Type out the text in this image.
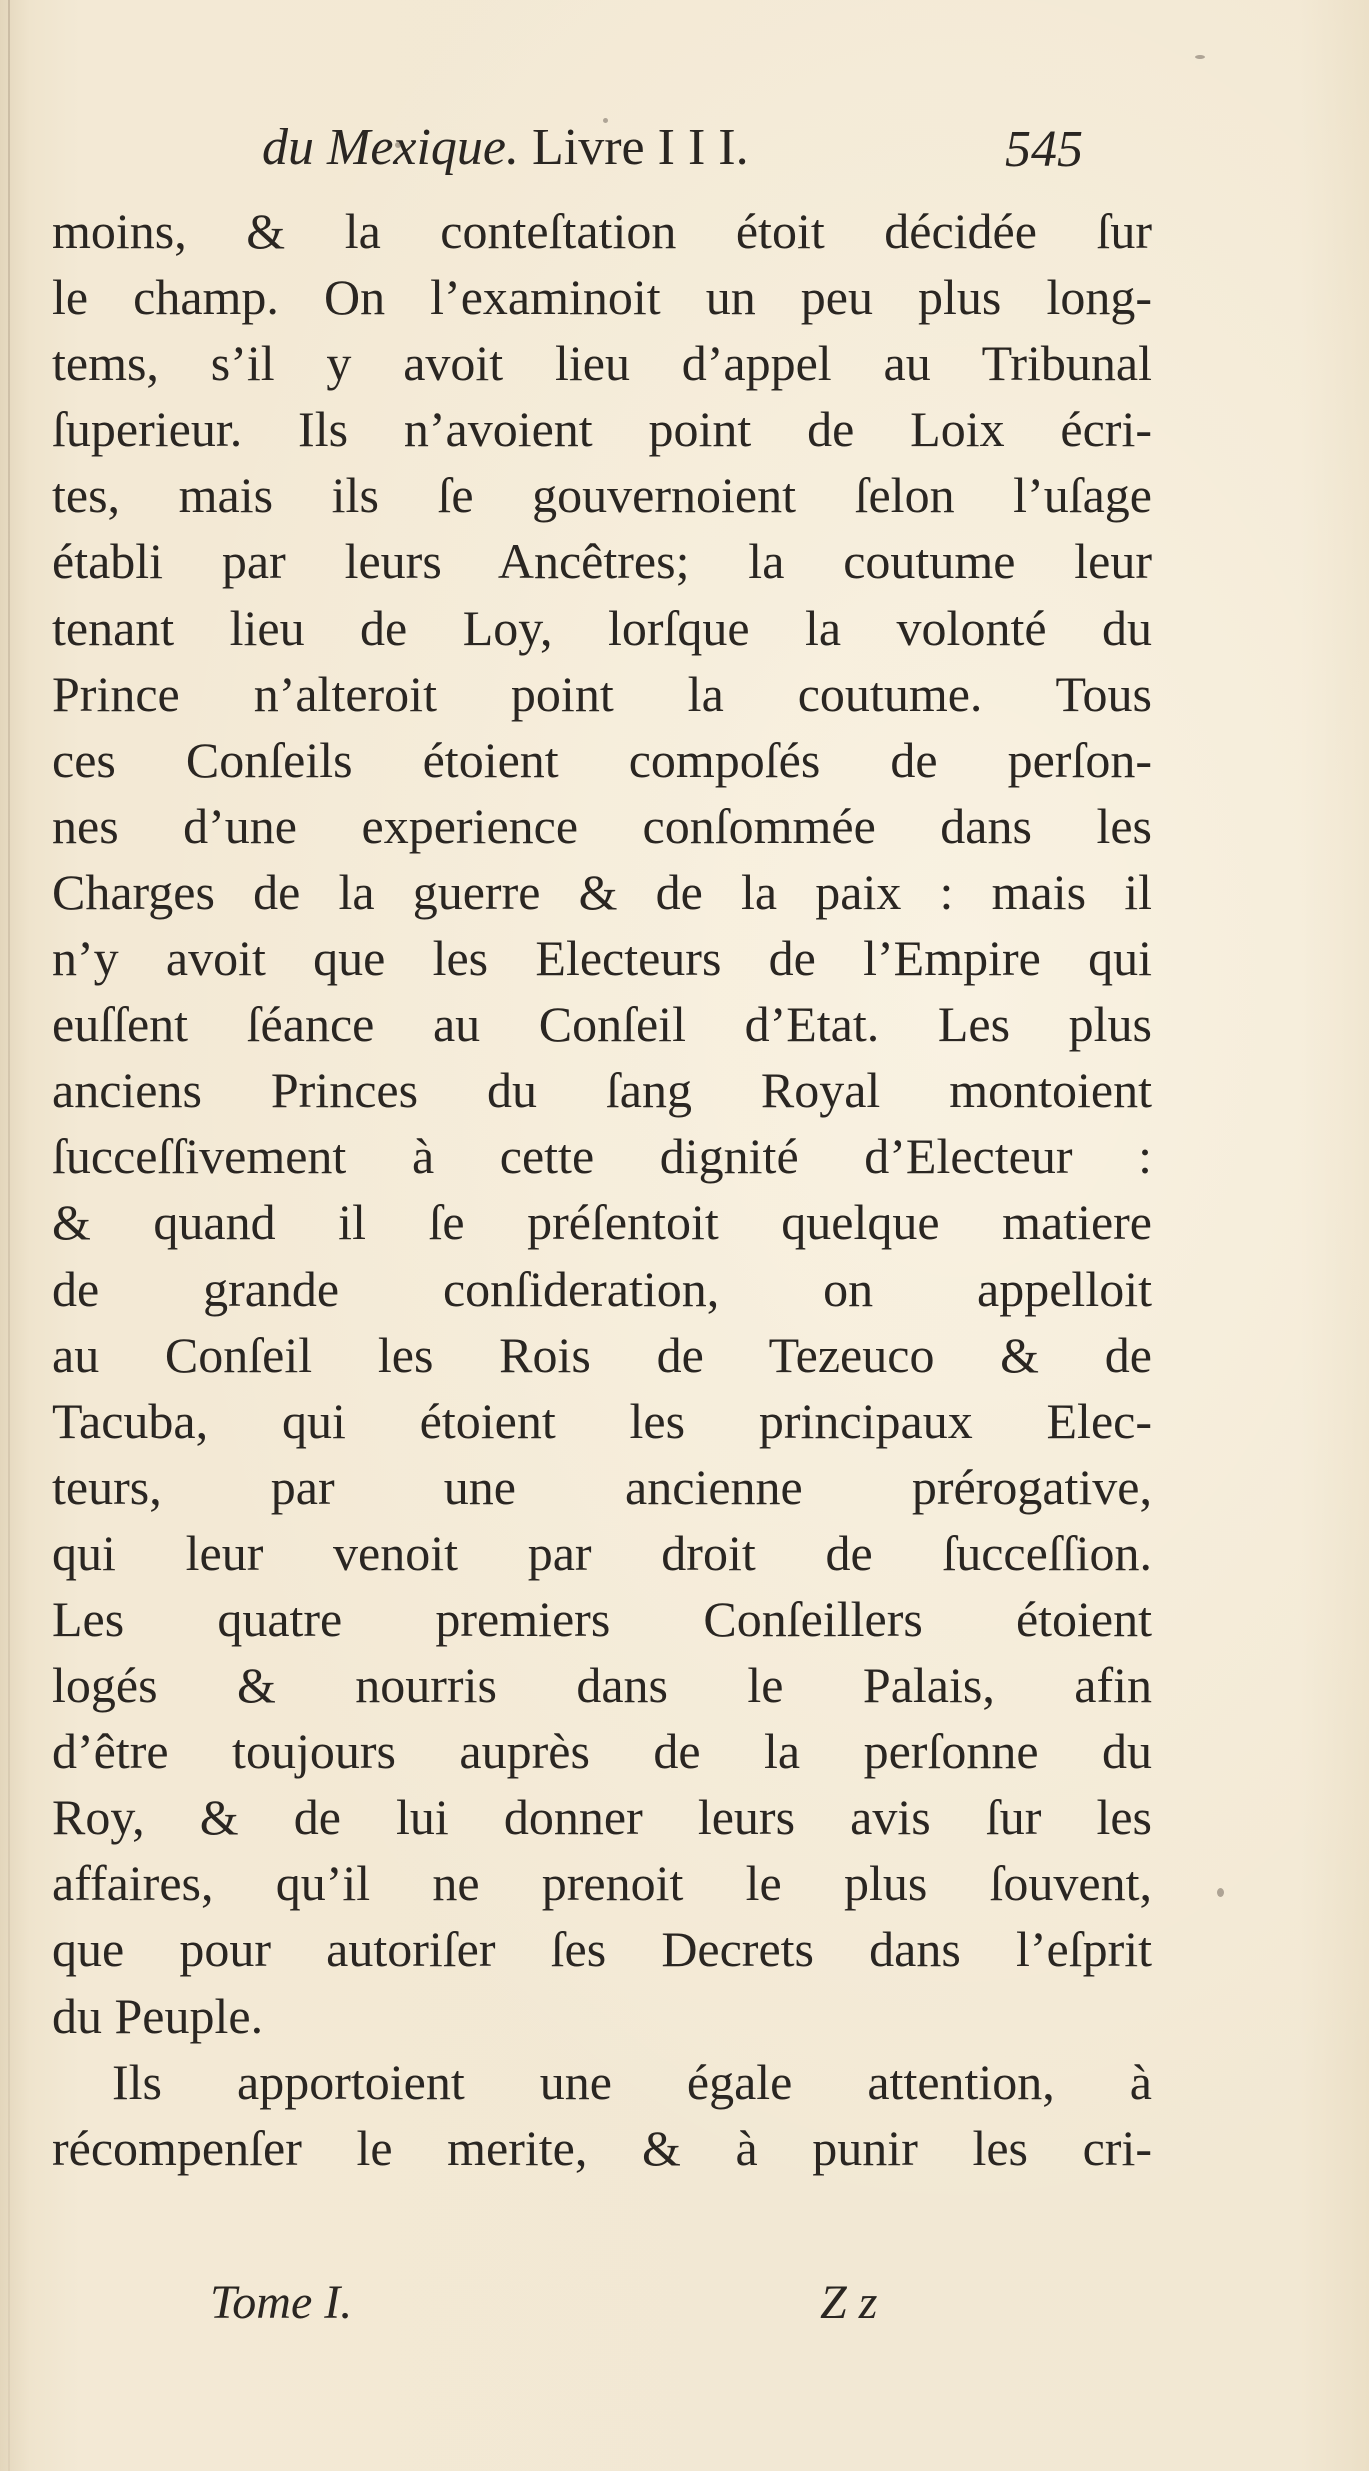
du Mexique. Livre I I I.	545
moins, & la conteſtation étoit décidée ſur
le champ. On l’examinoit un peu plus long-
tems, s’il y avoit lieu d’appel au Tribunal
ſuperieur. Ils n’avoient point de Loix écri-
tes, mais ils ſe gouvernoient ſelon l’uſage
établi par leurs Ancêtres; la coutume leur
tenant lieu de Loy, lorſque la volonté du
Prince n’alteroit point la coutume. Tous
ces Conſeils étoient compoſés de perſon-
nes d’une experience conſommée dans les
Charges de la guerre & de la paix : mais il
n’y avoit que les Electeurs de l’Empire qui
euſſent ſéance au Conſeil d’Etat. Les plus
anciens Princes du ſang Royal montoient
ſucceſſivement à cette dignité d’Electeur :
& quand il ſe préſentoit quelque matiere
de grande conſideration, on appelloit
au Conſeil les Rois de Tezeuco & de
Tacuba, qui étoient les principaux Elec-
teurs, par une ancienne prérogative,
qui leur venoit par droit de ſucceſſion.
Les quatre premiers Conſeillers étoient
logés & nourris dans le Palais, afin
d’être toujours auprès de la perſonne du
Roy, & de lui donner leurs avis ſur les
affaires, qu’il ne prenoit le plus ſouvent,
que pour autoriſer ſes Decrets dans l’eſprit
du Peuple.
Ils apportoient une égale attention, à
récompenſer le merite, & à punir les cri-
Tome I.	Z z
